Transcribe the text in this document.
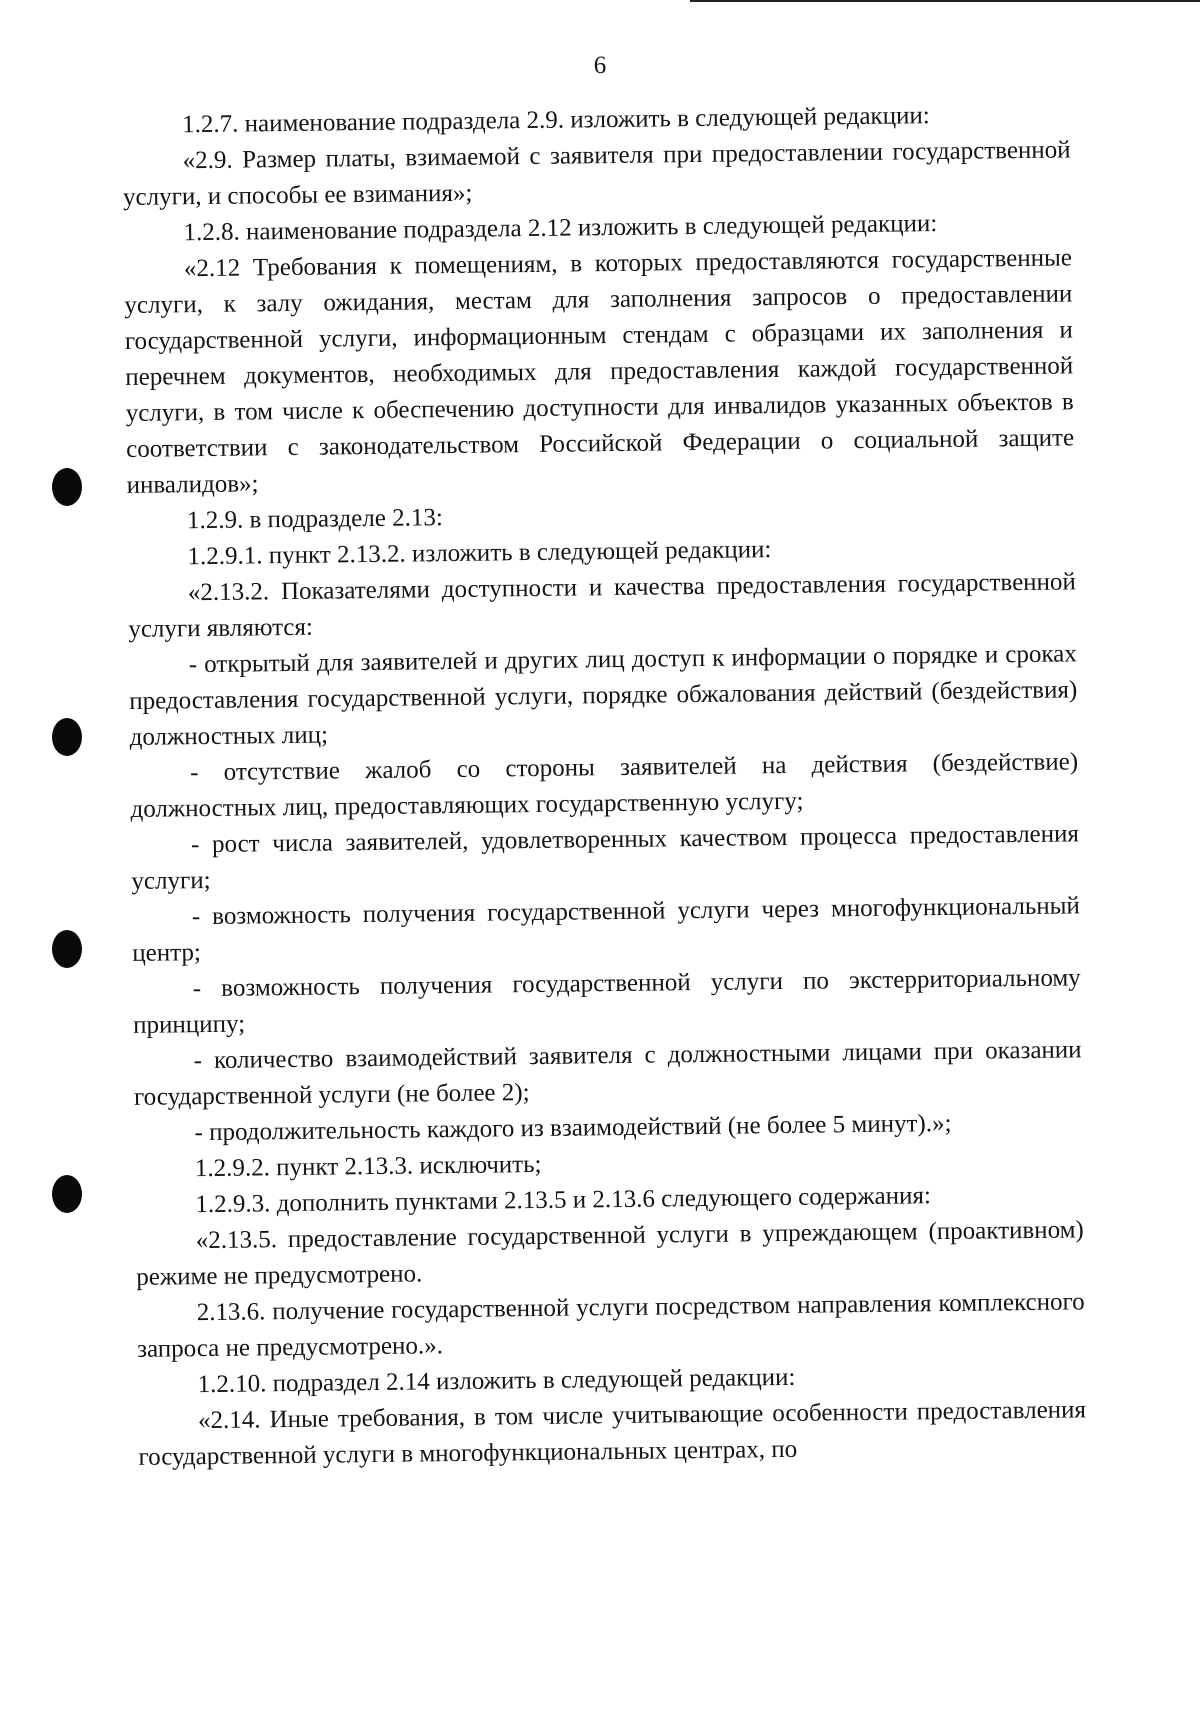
6

1.2.7. наименование подраздела 2.9. изложить в следующей редакции:

«2.9. Размер платы, взимаемой с заявителя при предоставлении государственной услуги, и способы ее взимания»;

1.2.8. наименование подраздела 2.12 изложить в следующей редакции:

«2.12 Требования к помещениям, в которых предоставляются государственные услуги, к залу ожидания, местам для заполнения запросов о предоставлении государственной услуги, информационным стендам с образцами их заполнения и перечнем документов, необходимых для предоставления каждой государственной услуги, в том числе к обеспечению доступности для инвалидов указанных объектов в соответствии с законодательством Российской Федерации о социальной защите инвалидов»;

1.2.9. в подразделе 2.13:

1.2.9.1. пункт 2.13.2. изложить в следующей редакции:

«2.13.2. Показателями доступности и качества предоставления государственной услуги являются:

- открытый для заявителей и других лиц доступ к информации о порядке и сроках предоставления государственной услуги, порядке обжалования действий (бездействия) должностных лиц;

- отсутствие жалоб со стороны заявителей на действия (бездействие) должностных лиц, предоставляющих государственную услугу;

- рост числа заявителей, удовлетворенных качеством процесса предоставления услуги;

- возможность получения государственной услуги через многофункциональный центр;

- возможность получения государственной услуги по экстерриториальному принципу;

- количество взаимодействий заявителя с должностными лицами при оказании государственной услуги (не более 2);

- продолжительность каждого из взаимодействий (не более 5 минут).»;

1.2.9.2. пункт 2.13.3. исключить;

1.2.9.3. дополнить пунктами 2.13.5 и 2.13.6 следующего содержания:

«2.13.5. предоставление государственной услуги в упреждающем (проактивном) режиме не предусмотрено.

2.13.6. получение государственной услуги посредством направления комплексного запроса не предусмотрено.».

1.2.10. подраздел 2.14 изложить в следующей редакции:

«2.14. Иные требования, в том числе учитывающие особенности предоставления государственной услуги в многофункциональных центрах, по
